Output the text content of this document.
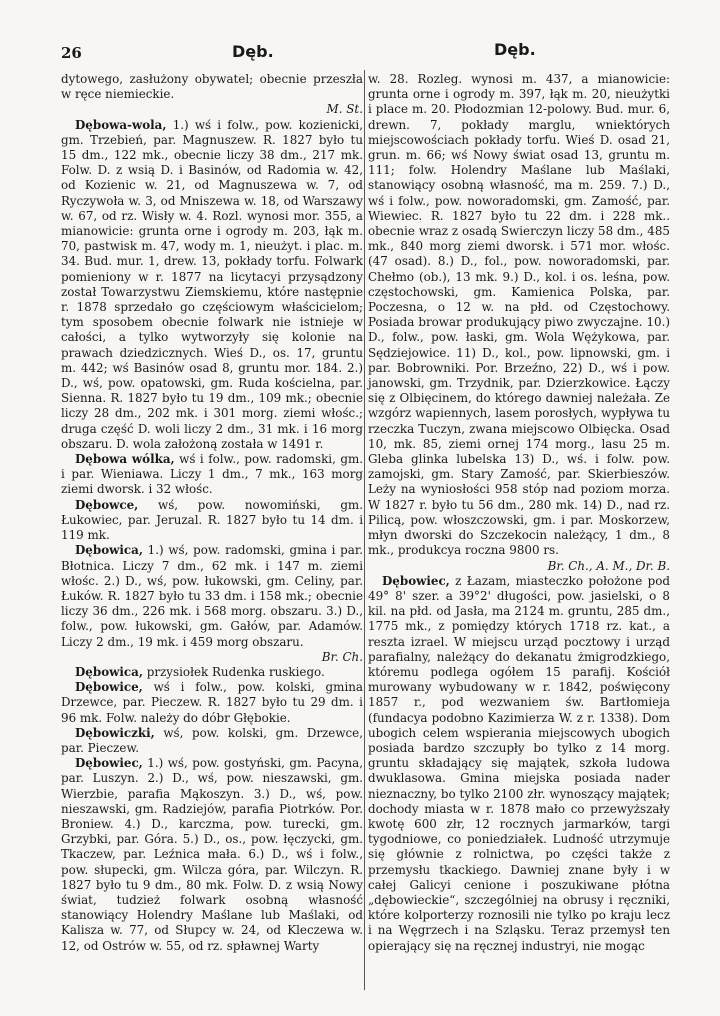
26	Dęb.	Dęb.

dytowego, zasłużony obywatel; obecnie przeszła w ręce niemieckie.
M. St.

Dębowa-wola, 1.) wś i folw., pow. kozienicki, gm. Trzebień, par. Magnuszew. R. 1827 było tu 15 dm., 122 mk., obecnie liczy 38 dm., 217 mk. Folw. D. z wsią D. i Basinów, od Radomia w. 42, od Kozienic w. 21, od Magnuszewa w. 7, od Ryczywoła w. 3, od Mniszewa w. 18, od Warszawy w. 67, od rz. Wisły w. 4. Rozl. wynosi mor. 355, a mianowicie: grunta orne i ogrody m. 203, łąk m. 70, pastwisk m. 47, wody m. 1, nieużyt. i plac. m. 34. Bud. mur. 1, drew. 13, pokłady torfu. Folwark pomieniony w r. 1877 na licytacyi przysądzony został Towarzystwu Ziemskiemu, które następnie r. 1878 sprzedało go częściowym właścicielom; tym sposobem obecnie folwark nie istnieje w całości, a tylko wytworzyły się kolonie na prawach dziedzicznych. Wieś D., os. 17, gruntu m. 442; wś Basinów osad 8, gruntu mor. 184. 2.) D., wś, pow. opatowski, gm. Ruda kościelna, par. Sienna. R. 1827 było tu 19 dm., 109 mk.; obecnie liczy 28 dm., 202 mk. i 301 morg. ziemi włośc.; druga część D. woli liczy 2 dm., 31 mk. i 16 morg obszaru. D. wola założoną została w 1491 r.

Dębowa wólka, wś i folw., pow. radomski, gm. i par. Wieniawa. Liczy 1 dm., 7 mk., 163 morg ziemi dworsk. i 32 włośc.

Dębowce, wś, pow. nowomiński, gm. Łukowiec, par. Jeruzal. R. 1827 było tu 14 dm. i 119 mk.

Dębowica, 1.) wś, pow. radomski, gmina i par. Błotnica. Liczy 7 dm., 62 mk. i 147 m. ziemi włośc. 2.) D., wś, pow. łukowski, gm. Celiny, par. Łuków. R. 1827 było tu 33 dm. i 158 mk.; obecnie liczy 36 dm., 226 mk. i 568 morg. obszaru. 3.) D., folw., pow. łukowski, gm. Gałów, par. Adamów. Liczy 2 dm., 19 mk. i 459 morg obszaru.
Br. Ch.

Dębowica, przysiołek Rudenka ruskiego.

Dębowice, wś i folw., pow. kolski, gmina Drzewce, par. Pieczew. R. 1827 było tu 29 dm. i 96 mk. Folw. należy do dóbr Głębokie.

Dębowiczki, wś, pow. kolski, gm. Drzewce, par. Pieczew.

Dębowiec, 1.) wś, pow. gostyński, gm. Pacyna, par. Luszyn. 2.) D., wś, pow. nieszawski, gm. Wierzbie, parafia Mąkoszyn. 3.) D., wś, pow. nieszawski, gm. Radziejów, parafia Piotrków. Por. Broniew. 4.) D., karczma, pow. turecki, gm. Grzybki, par. Góra. 5.) D., os., pow. łęczycki, gm. Tkaczew, par. Leźnica mała. 6.) D., wś i folw., pow. słupecki, gm. Wilcza góra, par. Wilczyn. R. 1827 było tu 9 dm., 80 mk. Folw. D. z wsią Nowy świat, tudzież folwark osobną własność stanowiący Holendry Maślane lub Maślaki, od Kalisza w. 77, od Słupcy w. 24, od Kleczewa w. 12, od Ostrów w. 55, od rz. spławnej Warty

w. 28. Rozleg. wynosi m. 437, a mianowicie: grunta orne i ogrody m. 397, łąk m. 20, nieużytki i place m. 20. Płodozmian 12-polowy. Bud. mur. 6, drewn. 7, pokłady marglu, wniektórych miejscowościach pokłady torfu. Wieś D. osad 21, grun. m. 66; wś Nowy świat osad 13, gruntu m. 111; folw. Holendry Maślane lub Maślaki, stanowiący osobną własność, ma m. 259. 7.) D., wś i folw., pow. noworadomski, gm. Zamość, par. Wiewiec. R. 1827 było tu 22 dm. i 228 mk.. obecnie wraz z osadą Swierczyn liczy 58 dm., 485 mk., 840 morg ziemi dworsk. i 571 mor. włośc. (47 osad). 8.) D., fol., pow. noworadomski, par. Chełmo (ob.), 13 mk. 9.) D., kol. i os. leśna, pow. częstochowski, gm. Kamienica Polska, par. Poczesna, o 12 w. na płd. od Częstochowy. Posiada browar produkujący piwo zwyczajne. 10.) D., folw., pow. łaski, gm. Wola Wężykowa, par. Sędziejowice. 11) D., kol., pow. lipnowski, gm. i par. Bobrowniki. Por. Brzeźno, 22) D., wś i pow. janowski, gm. Trzydnik, par. Dzierzkowice. Łączy się z Olbięcinem, do którego dawniej należała. Ze wzgórz wapiennych, lasem porosłych, wypływa tu rzeczka Tuczyn, zwana miejscowo Olbięcka. Osad 10, mk. 85, ziemi ornej 174 morg., lasu 25 m. Gleba glinka lubelska 13) D., wś. i folw. pow. zamojski, gm. Stary Zamość, par. Skierbieszów. Leży na wyniosłości 958 stóp nad poziom morza. W 1827 r. było tu 56 dm., 280 mk. 14) D., nad rz. Pilicą, pow. włoszczowski, gm. i par. Moskorzew, młyn dworski do Szczekocin należący, 1 dm., 8 mk., produkcya roczna 9800 rs.
Br. Ch., A. M., Dr. B.

Dębowiec, z Łazam, miasteczko położone pod 49° 8' szer. a 39°2' długości, pow. jasielski, o 8 kil. na płd. od Jasła, ma 2124 m. gruntu, 285 dm., 1775 mk., z pomiędzy których 1718 rz. kat., a reszta izrael. W miejscu urząd pocztowy i urząd parafialny, należący do dekanatu żmigrodzkiego, któremu podlega ogółem 15 parafij. Kościół murowany wybudowany w r. 1842, poświęcony 1857 r., pod wezwaniem św. Bartłomieja (fundacya podobno Kazimierza W. z r. 1338). Dom ubogich celem wspierania miejscowych ubogich posiada bardzo szczupły bo tylko z 14 morg. gruntu składający się majątek, szkoła ludowa dwuklasowa. Gmina miejska posiada nader nieznaczny, bo tylko 2100 złr. wynoszący majątek; dochody miasta w r. 1878 mało co przewyższały kwotę 600 złr, 12 rocznych jarmarków, targi tygodniowe, co poniedziałek. Ludność utrzymuje się głównie z rolnictwa, po części także z przemysłu tkackiego. Dawniej znane były i w całej Galicyi cenione i poszukiwane płótna „dębowieckie“, szczególniej na obrusy i ręczniki, które kolporterzy roznosili nie tylko po kraju lecz i na Węgrzech i na Szląsku. Teraz przemysł ten opierający się na ręcznej industryi, nie mogąc
